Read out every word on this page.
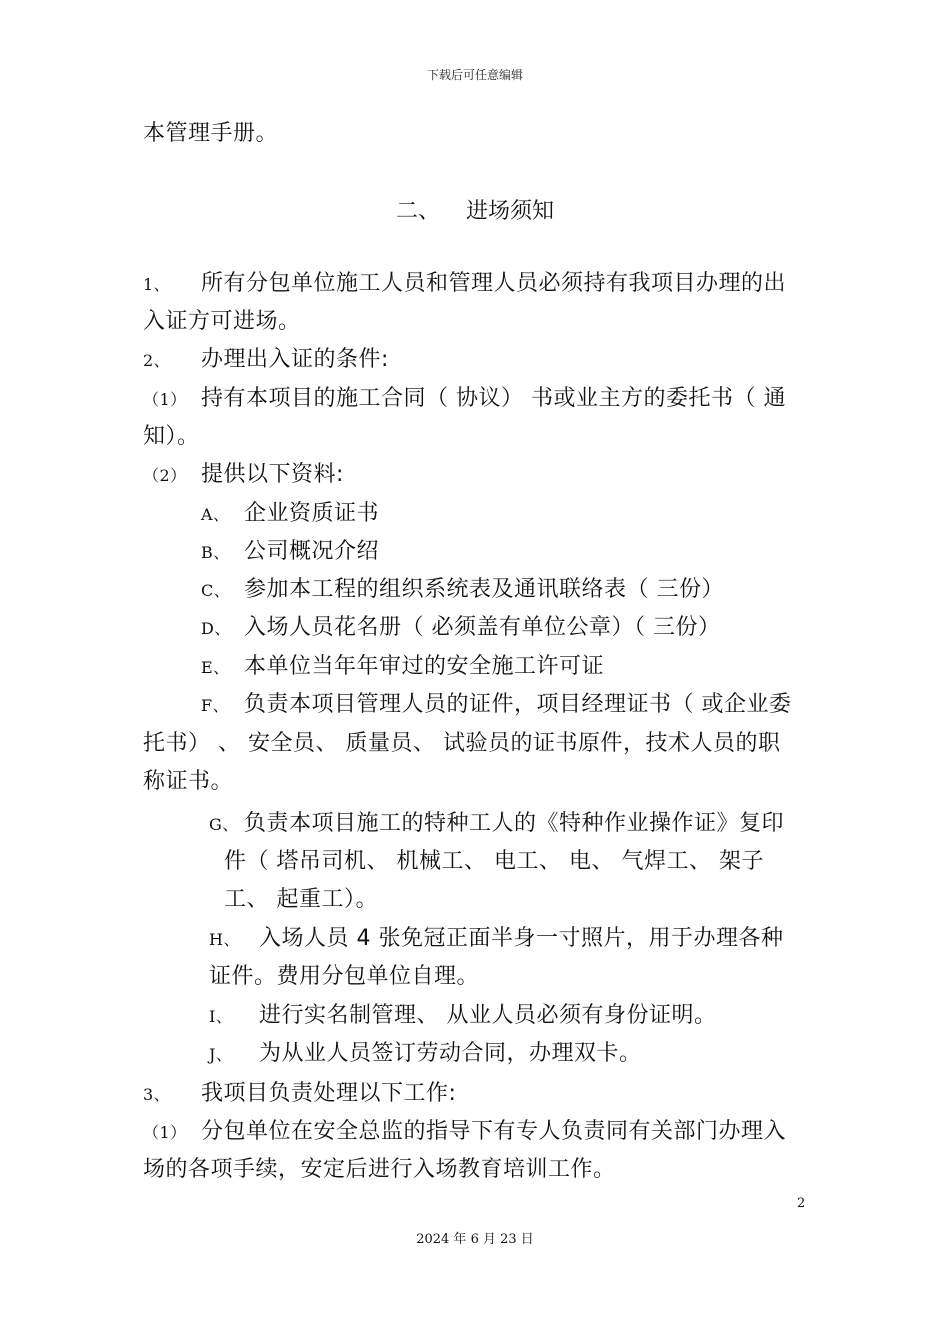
下载后可任意编辑
本管理手册。
二、 进场须知
1、 所有分包单位施工人员和管理人员必须持有我项目办理的出
入证方可进场。
2、 办理出入证的条件:
（1） 持有本项目的施工合同（ 协议） 书或业主方的委托书（ 通
知）。
（2） 提供以下资料:
A、 企业资质证书
B、 公司概况介绍
C、 参加本工程的组织系统表及通讯联络表（ 三份）
D、 入场人员花名册（ 必须盖有单位公章）（ 三份）
E、 本单位当年年审过的安全施工许可证
F、 负责本项目管理人员的证件，项目经理证书（ 或企业委
托书） 、 安全员、 质量员、 试验员的证书原件，技术人员的职
称证书。
G、 负责本项目施工的特种工人的《特种作业操作证》复印
件（ 塔吊司机、 机械工、 电工、 电、 气焊工、 架子
工、 起重工）。
H、 入场人员 4 张免冠正面半身一寸照片，用于办理各种
证件。费用分包单位自理。
I、 进行实名制管理、 从业人员必须有身份证明。
J、 为从业人员签订劳动合同，办理双卡。
3、 我项目负责处理以下工作:
（1） 分包单位在安全总监的指导下有专人负责同有关部门办理入
场的各项手续，安定后进行入场教育培训工作。
2
2024 年 6 月 23 日
